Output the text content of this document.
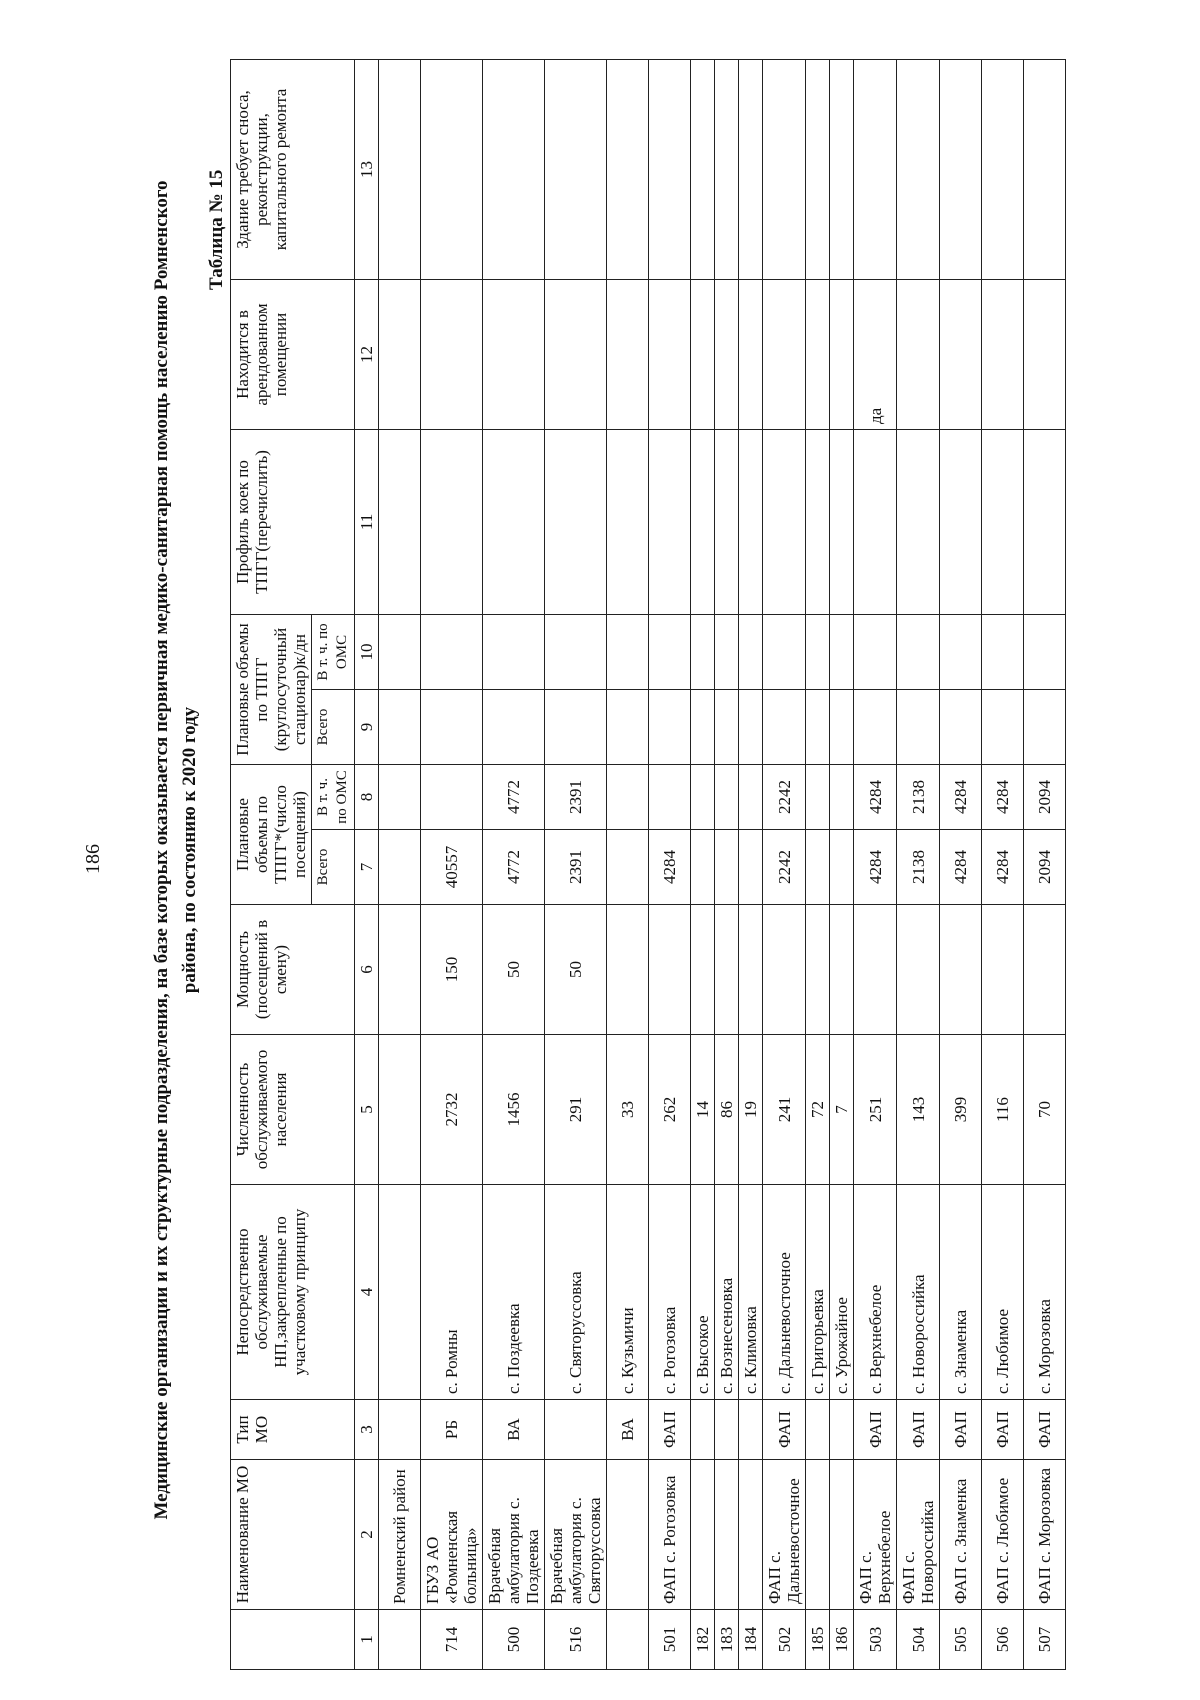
186 Медицинские организации и их структурные подразделения, на базе которых оказывается первичная медико-санитарная помощь населению Ромненского района, по состоянию к 2020 году
Таблица № 15
	Наименование МО	Тип МО	Непосредственно обслуживаемые НП,закрепленные по участковому принципу	Численность обслуживаемого населения	Мощность (посещений в смену)	Плановые объемы по ТПГГ*(число посещений)		Плановые объемы по ТПГГ (круглосуточный стационар)к/дн		Профиль коек по ТПГГ(перечислить)	Находится в арендованном помещении	Здание требует сноса, реконструкции, капитального ремонта
						Всего	В т. ч. по ОМС	Всего	В т. ч. по ОМС			
1	2	3	4	5	6	7	8	9	10	11	12	13
	Ромненский район											
714	ГБУЗ АО «Ромненская больница»	РБ	с. Ромны	2732	150	40557						
500	Врачебная амбулатория с. Поздеевка	ВА	с. Поздеевка	1456	50	4772	4772					
516	Врачебная амбулатория с. Святоруссовка		с. Святоруссовка	291	50	2391	2391					
		ВА	с. Кузьмичи	33								
501	ФАП с. Рогозовка	ФАП	с. Рогозовка	262		4284						
182			с. Высокое	14								
183			с. Вознесеновка	86								
184			с. Климовка	19								
502	ФАП с. Дальневосточное	ФАП	с. Дальневосточное	241		2242	2242					
185			с. Григорьевка	72								
186			с. Урожайное	7								
503	ФАП с. Верхнебелое	ФАП	с. Верхнебелое	251		4284	4284				да	
504	ФАП с. Новороссийка	ФАП	с. Новороссийка	143		2138	2138					
505	ФАП с. Знаменка	ФАП	с. Знаменка	399		4284	4284					
506	ФАП с. Любимое	ФАП	с. Любимое	116		4284	4284					
507	ФАП с. Морозовка	ФАП	с. Морозовка	70		2094	2094					
